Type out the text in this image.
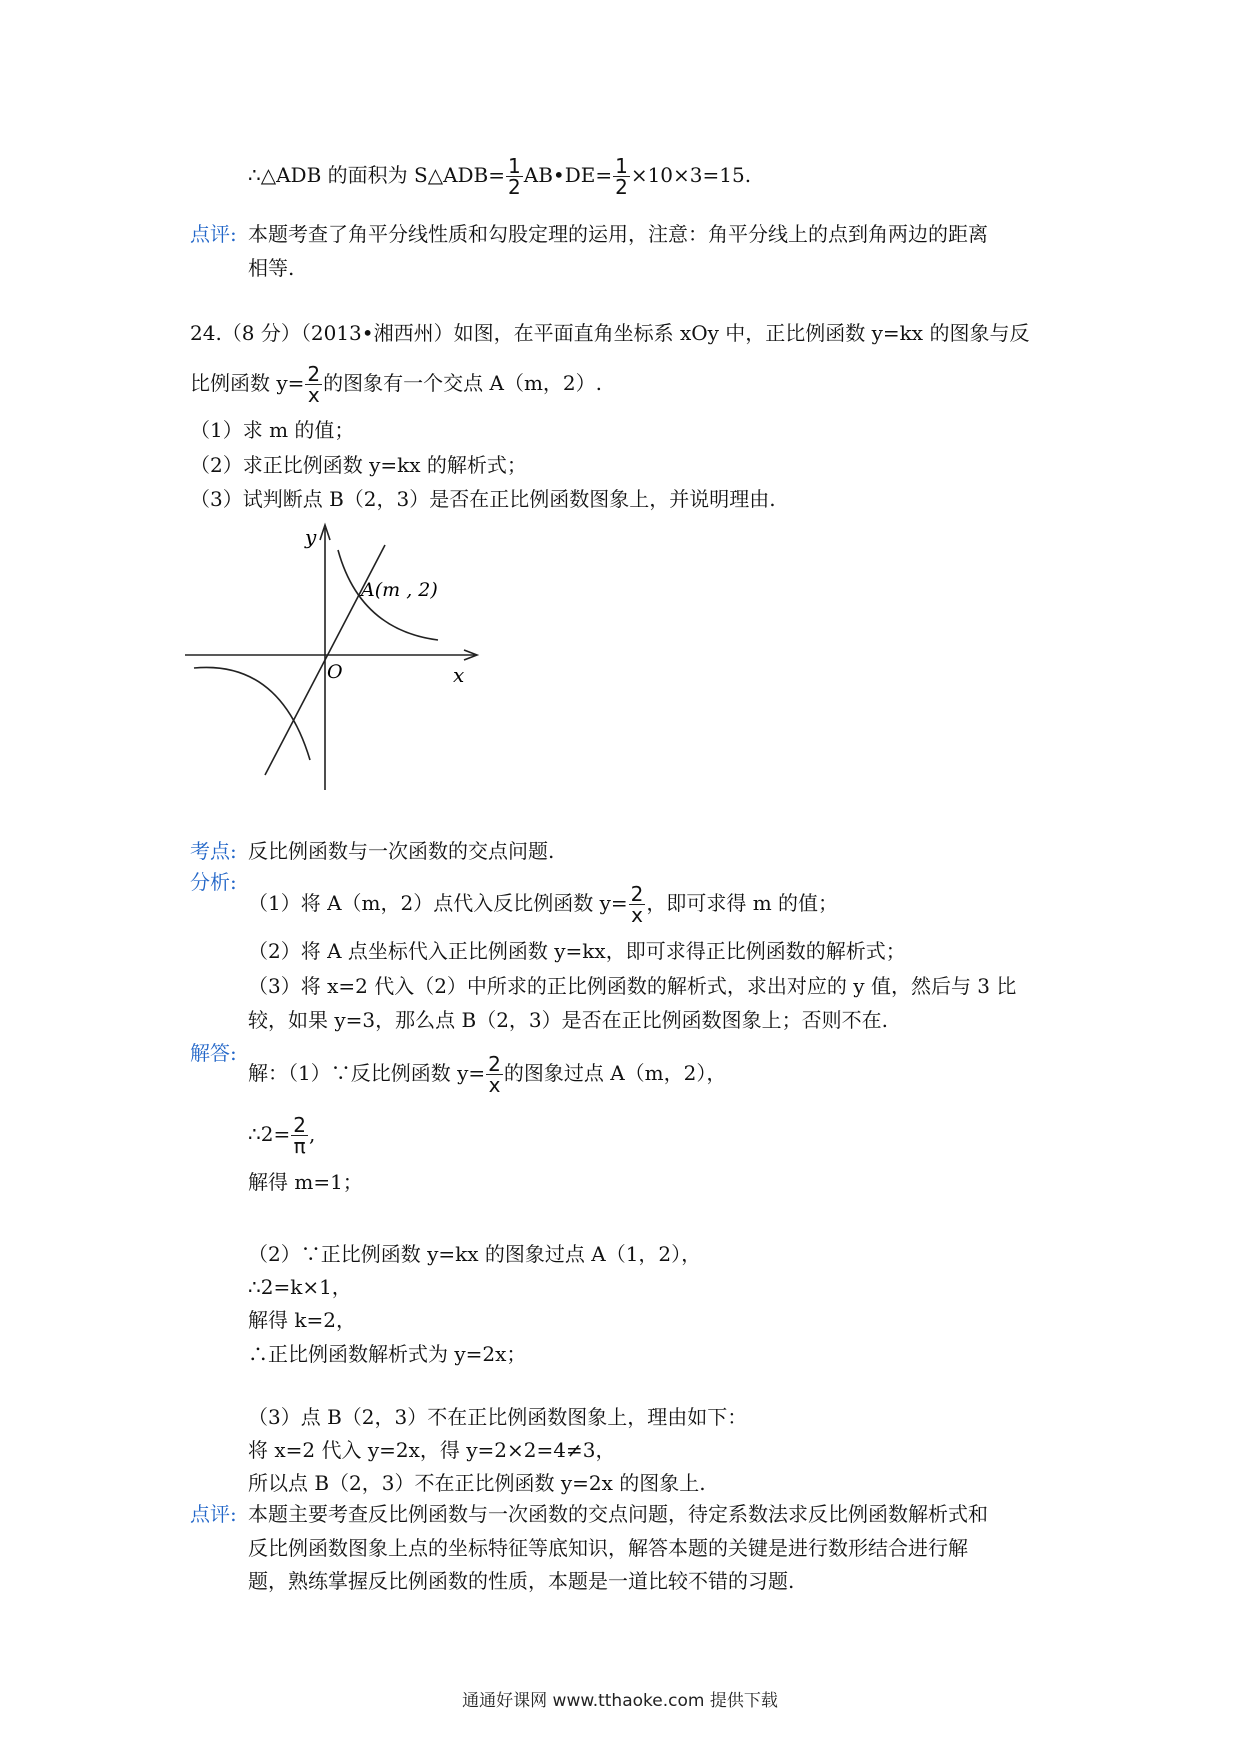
∴△ADB 的面积为 S△ADB= $\frac{1}{2}$ AB•DE= $\frac{1}{2} \times 10\times 3=15$.
点评: 本题考查了角平分线性质和勾股定理的运用，注意：角平分线上的点到角两边的距离
相等.
24.（8 分）（2013•湘西州）如图，在平面直角坐标系 xOy 中，正比例函数 y=kx 的图象与反
比例函数 $y= \frac{2}{x}$ 的图象有一个交点 A（m，2）.
（1）求 m 的值；
（2）求正比例函数 y=kx 的解析式；
（3）试判断点 B（2，3）是否在正比例函数图象上，并说明理由.
y
x
O
A(m , 2)
考点: 反比例函数与一次函数的交点问题.
分析:
（1）将 A（m，2）点代入反比例函数 $y= \frac{2}{x}$ ，即可求得 m 的值；
（2）将 A 点坐标代入正比例函数 y=kx，即可求得正比例函数的解析式；
（3）将 x=2 代入（2）中所求的正比例函数的解析式，求出对应的 y 值，然后与 3 比
较，如果 y=3，那么点 B（2，3）是否在正比例函数图象上；否则不在.
解答:
解：（1）∵反比例函数 $y= \frac{2}{x}$ 的图象过点 A（m，2），
∴2= $\frac{2}{\pi}$ ,
解得 m=1；
（2）∵正比例函数 y=kx 的图象过点 A（1，2），
∴2=k×1，
解得 k=2，
∴正比例函数解析式为 y=2x；
（3）点 B（2，3）不在正比例函数图象上，理由如下：
将 x=2 代入 y=2x，得 y=2×2=4≠3，
所以点 B（2，3）不在正比例函数 y=2x 的图象上.
点评: 本题主要考查反比例函数与一次函数的交点问题，待定系数法求反比例函数解析式和
反比例函数图象上点的坐标特征等底知识，解答本题的关键是进行数形结合进行解
题，熟练掌握反比例函数的性质，本题是一道比较不错的习题.
通通好课网 www.tthaoke.com 提供下载
